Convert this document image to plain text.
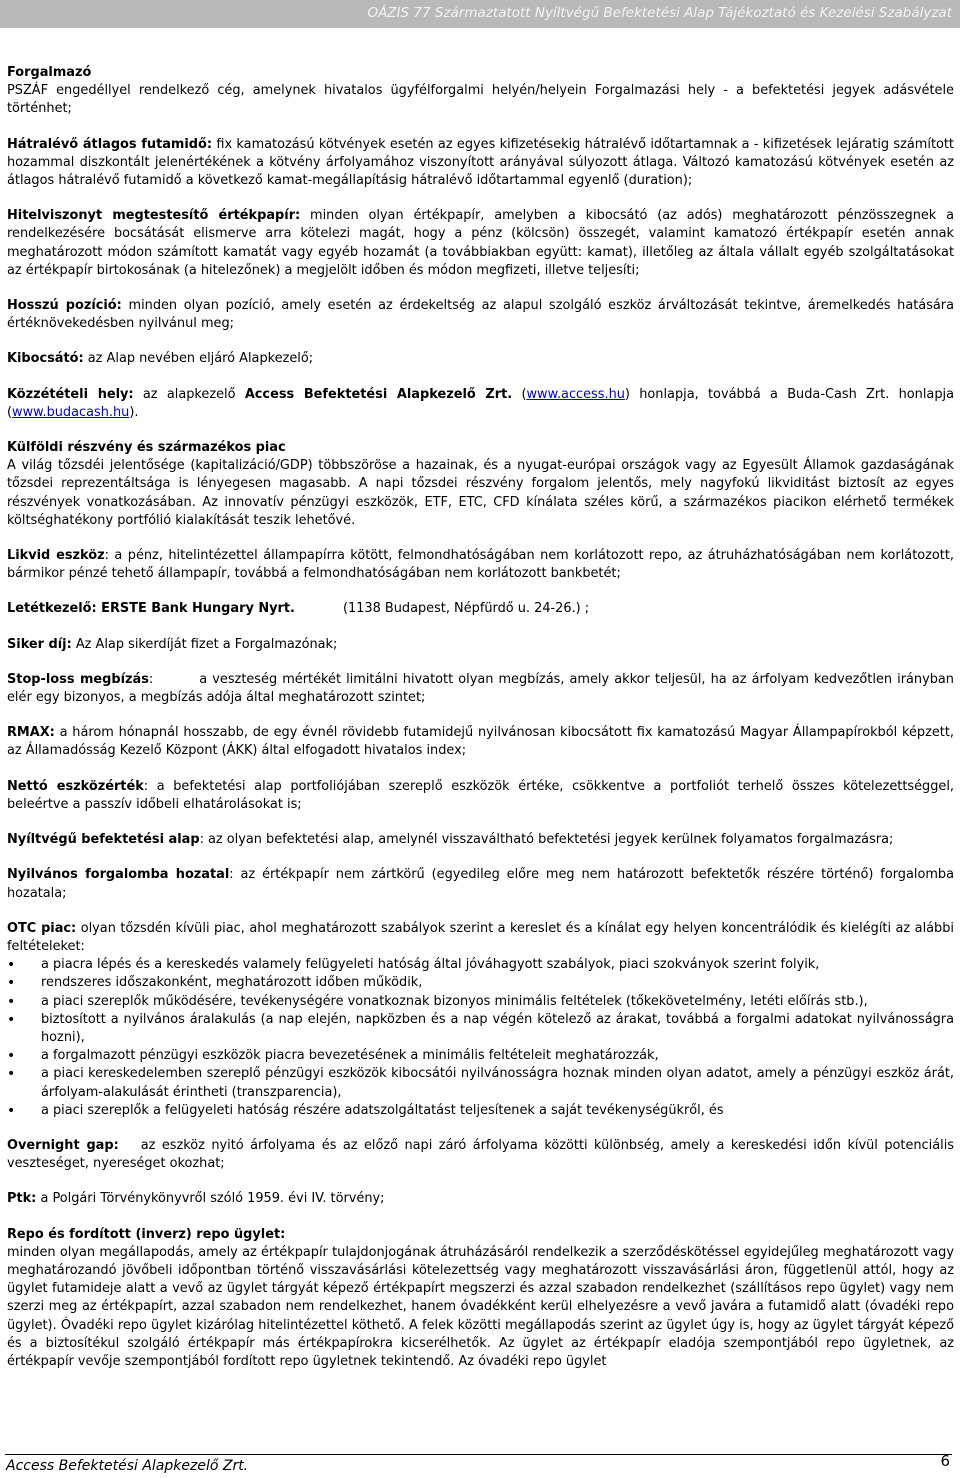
OÁZIS 77 Származtatott Nyíltvégű Befektetési Alap Tájékoztató és Kezelési Szabályzat
Forgalmazó
PSZÁF engedéllyel rendelkező cég, amelynek hivatalos ügyfélforgalmi helyén/helyein Forgalmazási hely - a befektetési jegyek adásvétele történhet;
Hátralévő átlagos futamidő: fix kamatozású kötvények esetén az egyes kifizetésekig hátralévő időtartamnak a - kifizetések lejáratig számított hozammal diszkontált jelenértékének a kötvény árfolyamához viszonyított arányával súlyozott átlaga. Változó kamatozású kötvények esetén az átlagos hátralévő futamidő a következő kamat-megállapításig hátralévő időtartammal egyenlő (duration);
Hitelviszonyt megtestesítő értékpapír: minden olyan értékpapír, amelyben a kibocsátó (az adós) meghatározott pénzösszegnek a rendelkezésére bocsátását elismerve arra kötelezi magát, hogy a pénz (kölcsön) összegét, valamint kamatozó értékpapír esetén annak meghatározott módon számított kamatát vagy egyéb hozamát (a továbbiakban együtt: kamat), illetőleg az általa vállalt egyéb szolgáltatásokat az értékpapír birtokosának (a hitelezőnek) a megjelölt időben és módon megfizeti, illetve teljesíti;
Hosszú pozíció: minden olyan pozíció, amely esetén az érdekeltség az alapul szolgáló eszköz árváltozását tekintve, áremelkedés hatására értéknövekedésben nyilvánul meg;
Kibocsátó: az Alap nevében eljáró Alapkezelő;
Közzétételi hely: az alapkezelő Access Befektetési Alapkezelő Zrt. (www.access.hu) honlapja, továbbá a Buda-Cash Zrt. honlapja (www.budacash.hu).
Külföldi részvény és származékos piac
A világ tőzsdéi jelentősége (kapitalizáció/GDP) többszöröse a hazainak, és a nyugat-európai országok vagy az Egyesült Államok gazdaságának tőzsdei reprezentáltsága is lényegesen magasabb. A napi tőzsdei részvény forgalom jelentős, mely nagyfokú likviditást biztosít az egyes részvények vonatkozásában. Az innovatív pénzügyi eszközök, ETF, ETC, CFD kínálata széles körű, a származékos piacikon elérhető termékek költséghatékony portfólió kialakítását teszik lehetővé.
Likvid eszköz: a pénz, hitelintézettel állampapírra kötött, felmondhatóságában nem korlátozott repo, az átruházhatóságában nem korlátozott, bármikor pénzé tehető állampapír, továbbá a felmondhatóságában nem korlátozott bankbetét;
Letétkezelő: ERSTE Bank Hungary Nyrt.	(1138 Budapest, Népfürdő u. 24-26.) ;
Siker díj: Az Alap sikerdíját fizet a Forgalmazónak;
Stop-loss megbízás:	a veszteség mértékét limitálni hivatott olyan megbízás, amely akkor teljesül, ha az árfolyam kedvezőtlen irányban elér egy bizonyos, a megbízás adója által meghatározott szintet;
RMAX: a három hónapnál hosszabb, de egy évnél rövidebb futamidejű nyilvánosan kibocsátott fix kamatozású Magyar Állampapírokból képzett, az Államadósság Kezelő Központ (ÁKK) által elfogadott hivatalos index;
Nettó eszközérték: a befektetési alap portfoliójában szereplő eszközök értéke, csökkentve a portfoliót terhelő összes kötelezettséggel, beleértve a passzív időbeli elhatárolásokat is;
Nyíltvégű befektetési alap: az olyan befektetési alap, amelynél visszaváltható befektetési jegyek kerülnek folyamatos forgalmazásra;
Nyilvános forgalomba hozatal: az értékpapír nem zártkörű (egyedileg előre meg nem határozott befektetők részére történő) forgalomba hozatala;
OTC piac: olyan tőzsdén kívüli piac, ahol meghatározott szabályok szerint a kereslet és a kínálat egy helyen koncentrálódik és kielégíti az alábbi feltételeket:
• a piacra lépés és a kereskedés valamely felügyeleti hatóság által jóváhagyott szabályok, piaci szokványok szerint folyik,
• rendszeres időszakonként, meghatározott időben működik,
• a piaci szereplők működésére, tevékenységére vonatkoznak bizonyos minimális feltételek (tőkekövetelmény, letéti előírás stb.),
• biztosított a nyilvános áralakulás (a nap elején, napközben és a nap végén kötelező az árakat, továbbá a forgalmi adatokat nyilvánosságra hozni),
• a forgalmazott pénzügyi eszközök piacra bevezetésének a minimális feltételeit meghatározzák,
• a piaci kereskedelemben szereplő pénzügyi eszközök kibocsátói nyilvánosságra hoznak minden olyan adatot, amely a pénzügyi eszköz árát, árfolyam-alakulását érintheti (transzparencia),
• a piaci szereplők a felügyeleti hatóság részére adatszolgáltatást teljesítenek a saját tevékenységükről, és
Overnight gap: az eszköz nyitó árfolyama és az előző napi záró árfolyama közötti különbség, amely a kereskedési időn kívül potenciális veszteséget, nyereséget okozhat;
Ptk: a Polgári Törvénykönyvről szóló 1959. évi IV. törvény;
Repo és fordított (inverz) repo ügylet:
minden olyan megállapodás, amely az értékpapír tulajdonjogának átruházásáról rendelkezik a szerződéskötéssel egyidejűleg meghatározott vagy meghatározandó jövőbeli időpontban történő visszavásárlási kötelezettség vagy meghatározott visszavásárlási áron, függetlenül attól, hogy az ügylet futamideje alatt a vevő az ügylet tárgyát képező értékpapírt megszerzi és azzal szabadon rendelkezhet (szállításos repo ügylet) vagy nem szerzi meg az értékpapírt, azzal szabadon nem rendelkezhet, hanem óvadékként kerül elhelyezésre a vevő javára a futamidő alatt (óvadéki repo ügylet). Óvadéki repo ügylet kizárólag hitelintézettel köthető. A felek közötti megállapodás szerint az ügylet úgy is, hogy az ügylet tárgyát képező és a biztosítékul szolgáló értékpapír más értékpapírokra kicserélhetők. Az ügylet az értékpapír eladója szempontjából repo ügyletnek, az értékpapír vevője szempontjából fordított repo ügyletnek tekintendő. Az óvadéki repo ügylet
Access Befektetési Alapkezelő Zrt.	6
